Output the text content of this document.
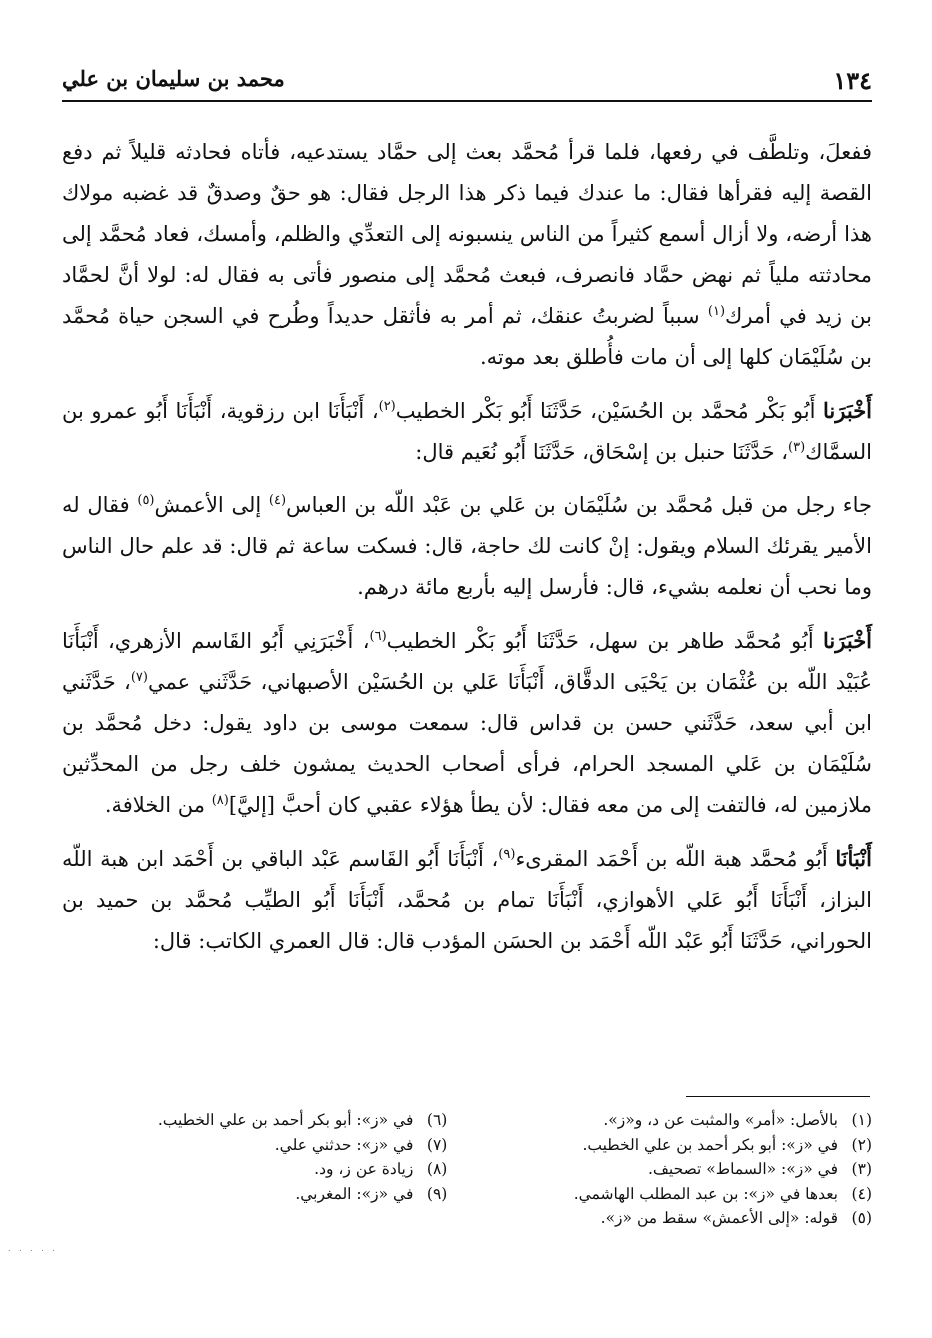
١٣٤
محمد بن سليمان بن علي

ففعلَ، وتلطَّف في رفعها، فلما قرأ مُحمَّد بعث إلى حمَّاد يستدعيه، فأتاه فحادثه قليلاً ثم دفع القصة إليه فقرأها فقال: ما عندك فيما ذكر هذا الرجل فقال: هو حقٌ وصدقٌ قد غضبه مولاك هذا أرضه، ولا أزال أسمع كثيراً من الناس ينسبونه إلى التعدِّي والظلم، وأمسك، فعاد مُحمَّد إلى محادثته ملياً ثم نهض حمَّاد فانصرف، فبعث مُحمَّد إلى منصور فأتى به فقال له: لولا أنَّ لحمَّاد بن زيد في أمرك$^{(١)}$ سبباً لضربتُ عنقك، ثم أمر به فأثقل حديداً وطُرح في السجن حياة مُحمَّد بن سُلَيْمَان كلها إلى أن مات فأُطلق بعد موته.

أَخْبَرَنا أَبُو بَكْر مُحمَّد بن الحُسَيْن، حَدَّثَنَا أَبُو بَكْر الخطيب$^{(٢)}$، أَنْبَأَنَا ابن رزقوية، أَنْبَأَنَا أَبُو عمرو بن السمَّاك$^{(٣)}$، حَدَّثَنَا حنبل بن إسْحَاق، حَدَّثَنَا أَبُو نُعَيم قال:

جاء رجل من قبل مُحمَّد بن سُلَيْمَان بن عَلي بن عَبْد اللّه بن العباس$^{(٤)}$ إلى الأعمش$^{(٥)}$ فقال له الأمير يقرئك السلام ويقول: إنْ كانت لك حاجة، قال: فسكت ساعة ثم قال: قد علم حال الناس وما نحب أن نعلمه بشيء، قال: فأرسل إليه بأربع مائة درهم.

أَخْبَرَنا أَبُو مُحمَّد طاهر بن سهل، حَدَّثَنَا أَبُو بَكْر الخطيب$^{(٦)}$، أَخْبَرَنِي أَبُو القَاسم الأزهري، أَنْبَأَنَا عُبَيْد اللّه بن عُثْمَان بن يَحْيَى الدقَّاق، أَنْبَأَنَا عَلي بن الحُسَيْن الأصبهاني، حَدَّثَني عمي$^{(٧)}$، حَدَّثَني ابن أبي سعد، حَدَّثَني حسن بن قداس قال: سمعت موسى بن داود يقول: دخل مُحمَّد بن سُلَيْمَان بن عَلي المسجد الحرام، فرأى أصحاب الحديث يمشون خلف رجل من المحدِّثين ملازمين له، فالتفت إلى من معه فقال: لأن يطأ هؤلاء عقبي كان أحبَّ [إليَّ]$^{(٨)}$ من الخلافة.

أَنْبَأنَا أَبُو مُحمَّد هبة اللّه بن أَحْمَد المقرىء$^{(٩)}$، أَنْبَأَنَا أَبُو القَاسم عَبْد الباقي بن أَحْمَد ابن هبة اللّه البزاز، أَنْبَأَنَا أَبُو عَلي الأهوازي، أَنْبَأَنَا تمام بن مُحمَّد، أَنْبَأَنَا أَبُو الطيِّب مُحمَّد بن حميد بن الحوراني، حَدَّثَنَا أَبُو عَبْد اللّه أَحْمَد بن الحسَن المؤدب قال: قال العمري الكاتب: قال:

(١)
بالأصل: «أمر» والمثبت عن د، و«ز».
(٢)
في «ز»: أبو بكر أحمد بن علي الخطيب.
(٣)
في «ز»: «السماط» تصحيف.
(٤)
بعدها في «ز»: بن عبد المطلب الهاشمي.
(٥)
قوله: «إلى الأعمش» سقط من «ز».
(٦)
في «ز»: أبو بكر أحمد بن علي الخطيب.
(٧)
في «ز»: حدثني علي.
(٨)
زيادة عن ز، ود.
(٩)
في «ز»: المغربي.
. . . . .
